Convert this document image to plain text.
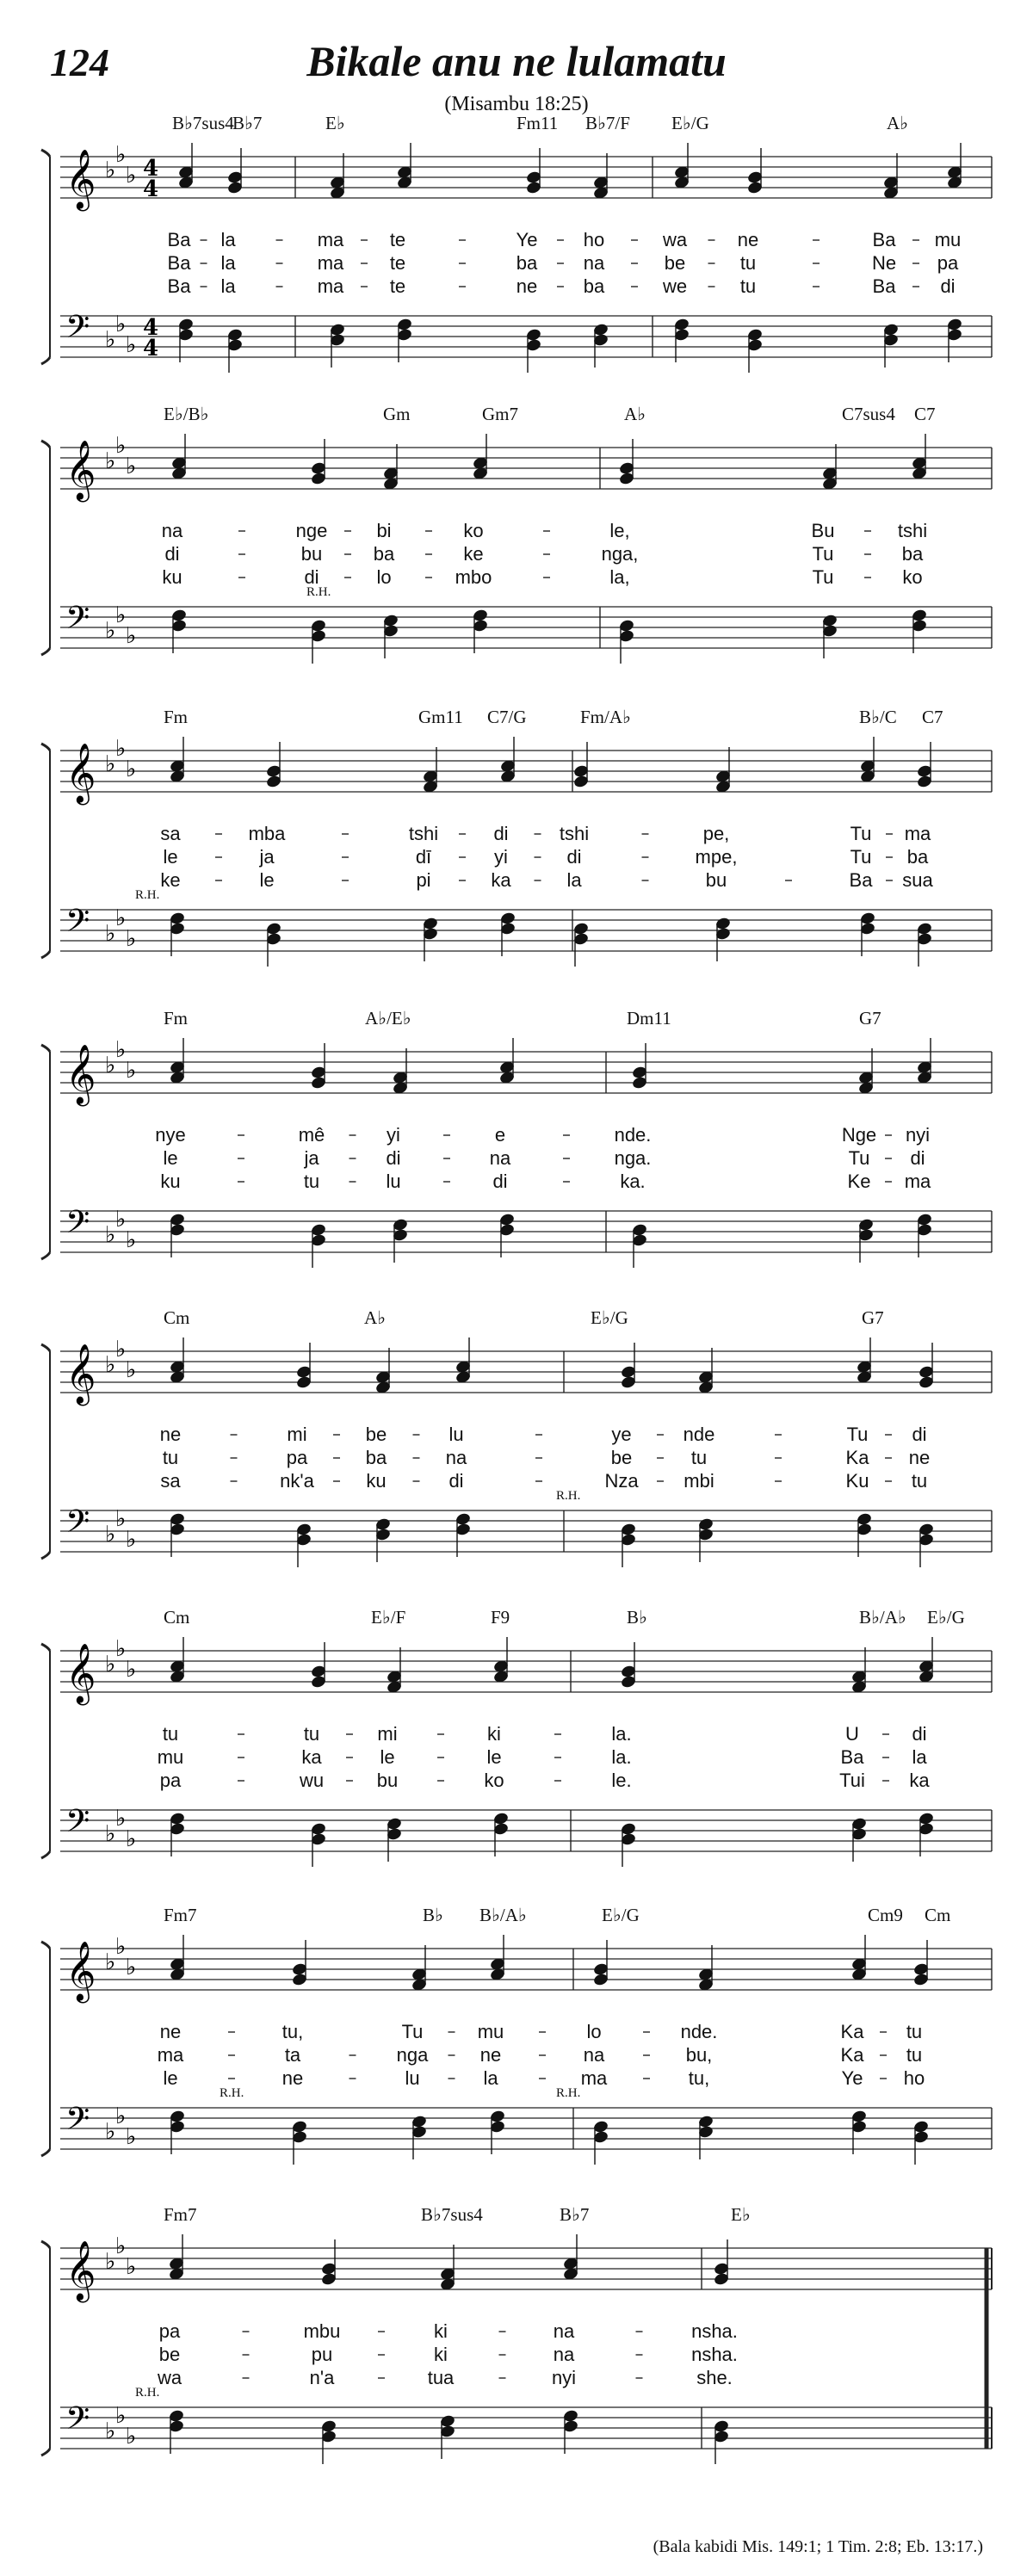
124	Bikale anu ne lulamatu
(Misambu 18:25)
B♭7sus4
B♭7	E♭	Fm11 B♭7/F E♭/G	A♭
𝄞 ♭
♭
♭ 4
4
𝄢 ♭
♭
♭
4
4
Ba la	ma te	Ye ho	wa	ne	Ba mu
Ba la	ma te	ba na	be	tu	Ne pa
Ba la	ma te	ne ba	we	tu	Ba di
E♭/B♭	Gm	Gm7	A♭	C7sus4 C7
𝄞 ♭
♭
♭
𝄢 ♭
♭
♭
na	nge	bi	ko	le,	Bu	tshi
di	bu	ba	ke	nga,	Tu	ba
ku	di	lo	mbo	la,	Tu	ko
Fm	Gm11 C7/G	Fm/A♭	B♭/C C7
𝄞 ♭
♭
♭
𝄢 ♭
♭
♭
sa	mba	tshi	di	tshi	pe,	Tu ma
le	ja	dī	yi	di	mpe,	Tu ba
ke	le	pi	ka	la	bu	Ba sua
Fm	A♭/E♭	Dm11	G7
𝄞 ♭
♭
♭
𝄢 ♭
♭
♭
nye	mê	yi	e	nde.	Nge nyi
le	ja	di	na	nga.	Tu di
ku	tu	lu	di	ka.	Ke ma
Cm	A♭	E♭/G	G7
𝄞 ♭
♭
♭
𝄢 ♭
♭
♭
ne	mi	be	lu	ye	nde	Tu di
tu	pa	ba	na	be	tu	Ka ne
sa	nk'a	ku	di	Nza mbi	Ku tu
Cm	E♭/F	F9	B♭	B♭/A♭ E♭/G
𝄞 ♭
♭
♭
𝄢 ♭
♭
♭
tu	tu	mi	ki	la.	U	di
mu	ka	le	le	la.	Ba	la
pa	wu	bu	ko	le.	Tui ka
Fm7	B♭ B♭/A♭	E♭/G	Cm9 Cm
𝄞 ♭
♭
♭
𝄢 ♭
♭
♭
ne	tu,	Tu	mu	lo	nde.	Ka tu
ma	ta	nga	ne	na	bu,	Ka tu
le	ne	lu	la	ma	tu,	Ye ho
Fm7	B♭7sus4	B♭7	E♭
𝄞 ♭
♭
♭
𝄢 ♭
♭
♭
pa	mbu	ki	na	nsha.
be	pu	ki	na	nsha.
wa	n'a	tua	nyi	she.
R.H.
R.H.
R.H.
R.H.	R.H.
R.H.
(Bala kabidi Mis. 149:1; 1 Tim. 2:8; Eb. 13:17.)
